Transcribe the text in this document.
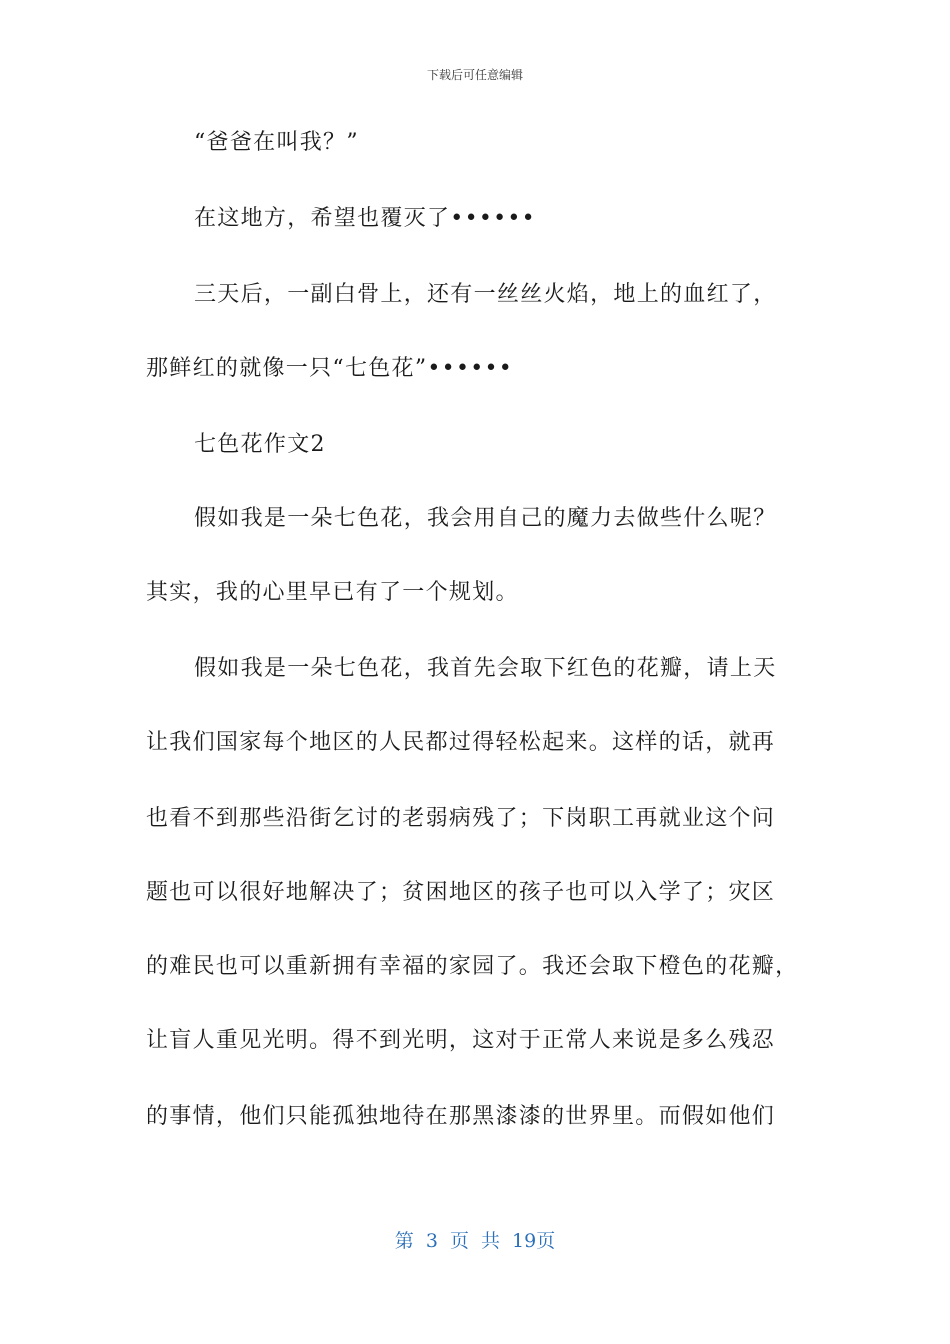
下载后可任意编辑
“爸爸在叫我？”
在这地方，希望也覆灭了••••••
三天后，一副白骨上，还有一丝丝火焰，地上的血红了，
那鲜红的就像一只“七色花”••••••
七色花作文2
假如我是一朵七色花，我会用自己的魔力去做些什么呢？
其实，我的心里早已有了一个规划。
假如我是一朵七色花，我首先会取下红色的花瓣，请上天
让我们国家每个地区的人民都过得轻松起来。这样的话，就再
也看不到那些沿街乞讨的老弱病残了；下岗职工再就业这个问
题也可以很好地解决了；贫困地区的孩子也可以入学了；灾区
的难民也可以重新拥有幸福的家园了。我还会取下橙色的花瓣，
让盲人重见光明。得不到光明，这对于正常人来说是多么残忍
的事情，他们只能孤独地待在那黑漆漆的世界里。而假如他们
第 3 页 共 19页
